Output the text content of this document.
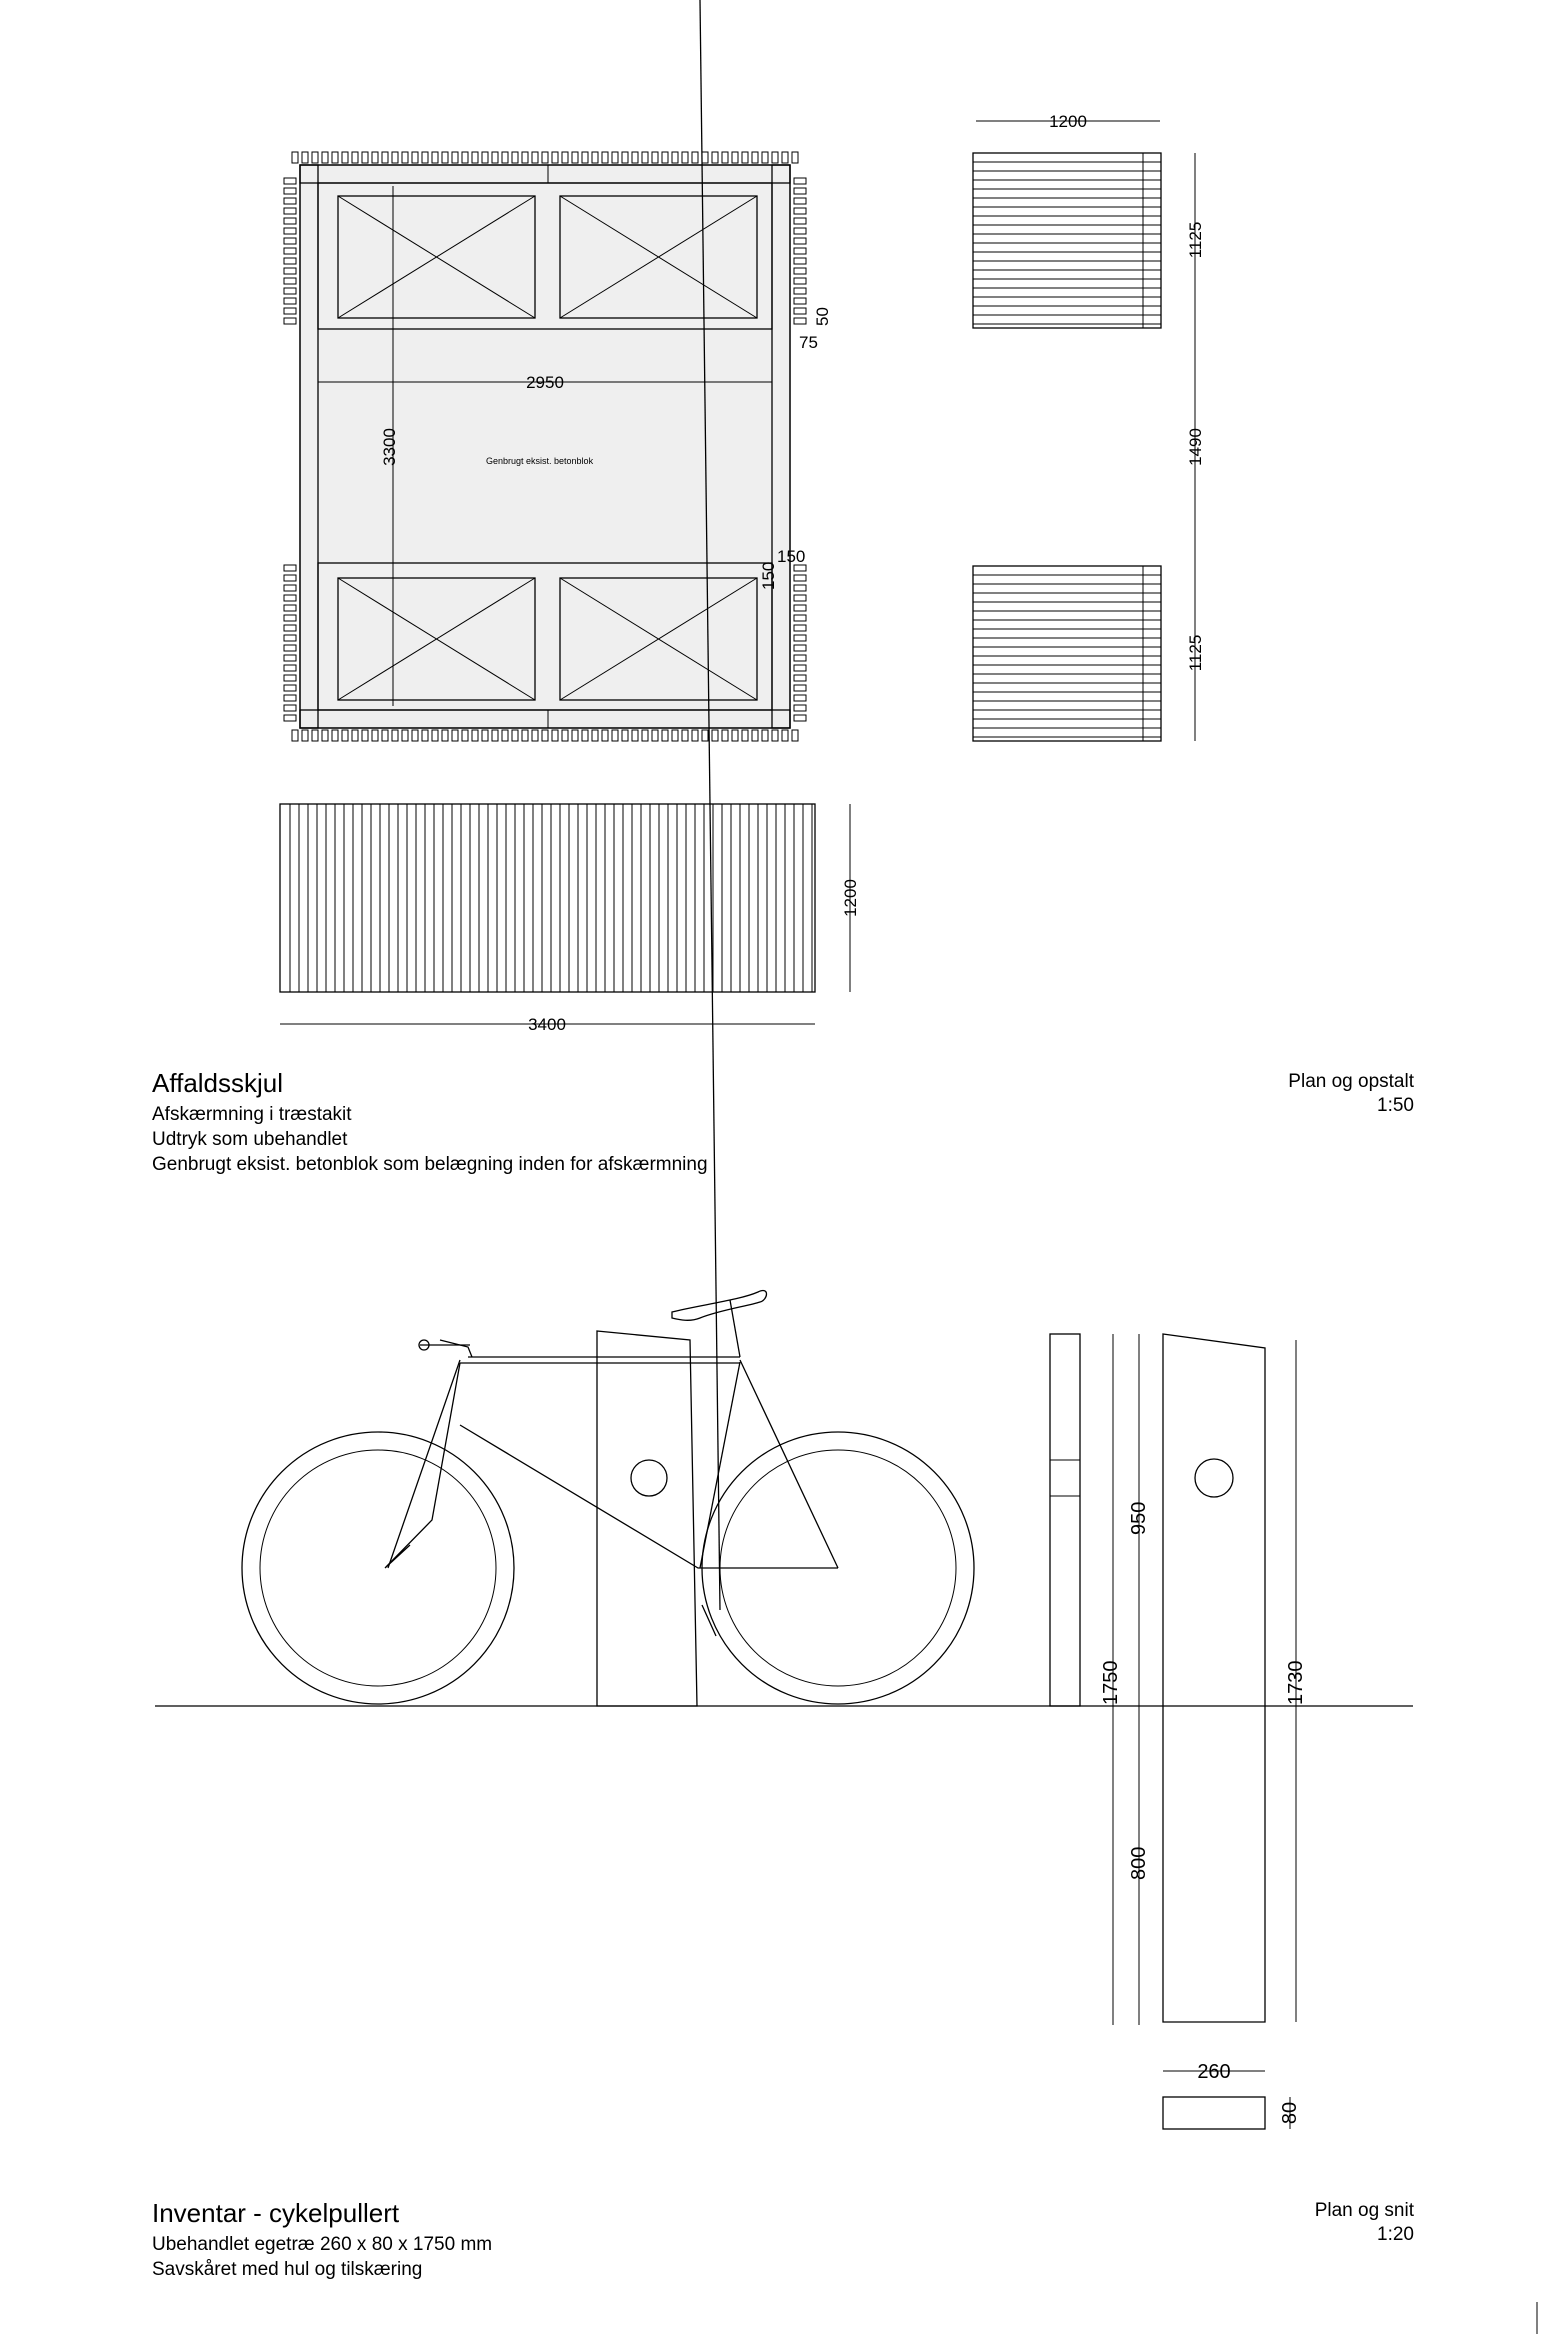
2950
3300	Genbrugt eksist. betonblok
50
75
150
150
1200
1125
1490
1125
1200
3400
1750
950
800
1730
260
80

Affaldsskjul

Afskærmning i træstakit

Udtryk som ubehandlet

Genbrugt eksist. betonblok som belægning inden for afskærmning

Plan og opstalt
1:50

Inventar - cykelpullert

Ubehandlet egetræ 260 x 80 x 1750 mm

Savskåret med hul og tilskæring

Plan og snit
1:20
